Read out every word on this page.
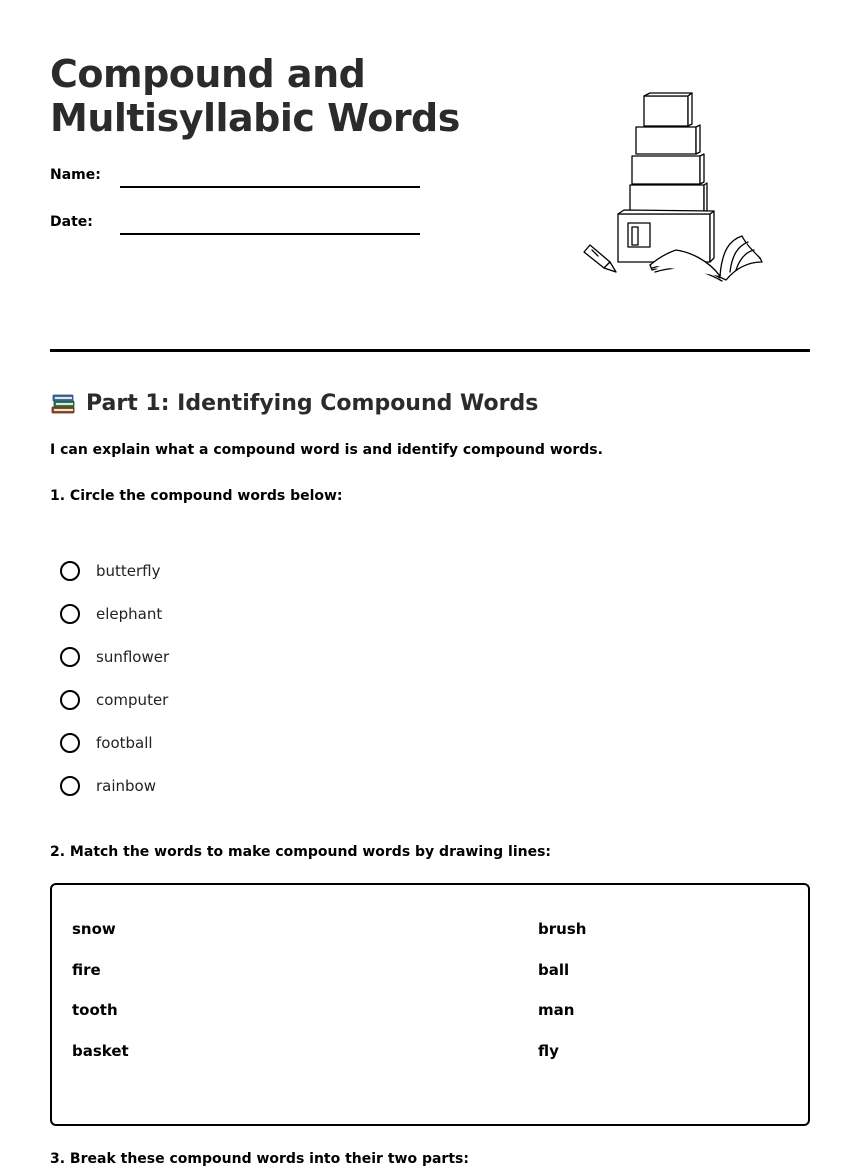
Compound and
Multisyllabic Words
Name:
Date:
Part 1: Identifying Compound Words
I can explain what a compound word is and identify compound words.
1. Circle the compound words below:
butterfly
elephant
sunflower
computer
football
rainbow
2. Match the words to make compound words by drawing lines:
snow
fire
tooth
basket
brush
ball
man
fly
3. Break these compound words into their two parts:
